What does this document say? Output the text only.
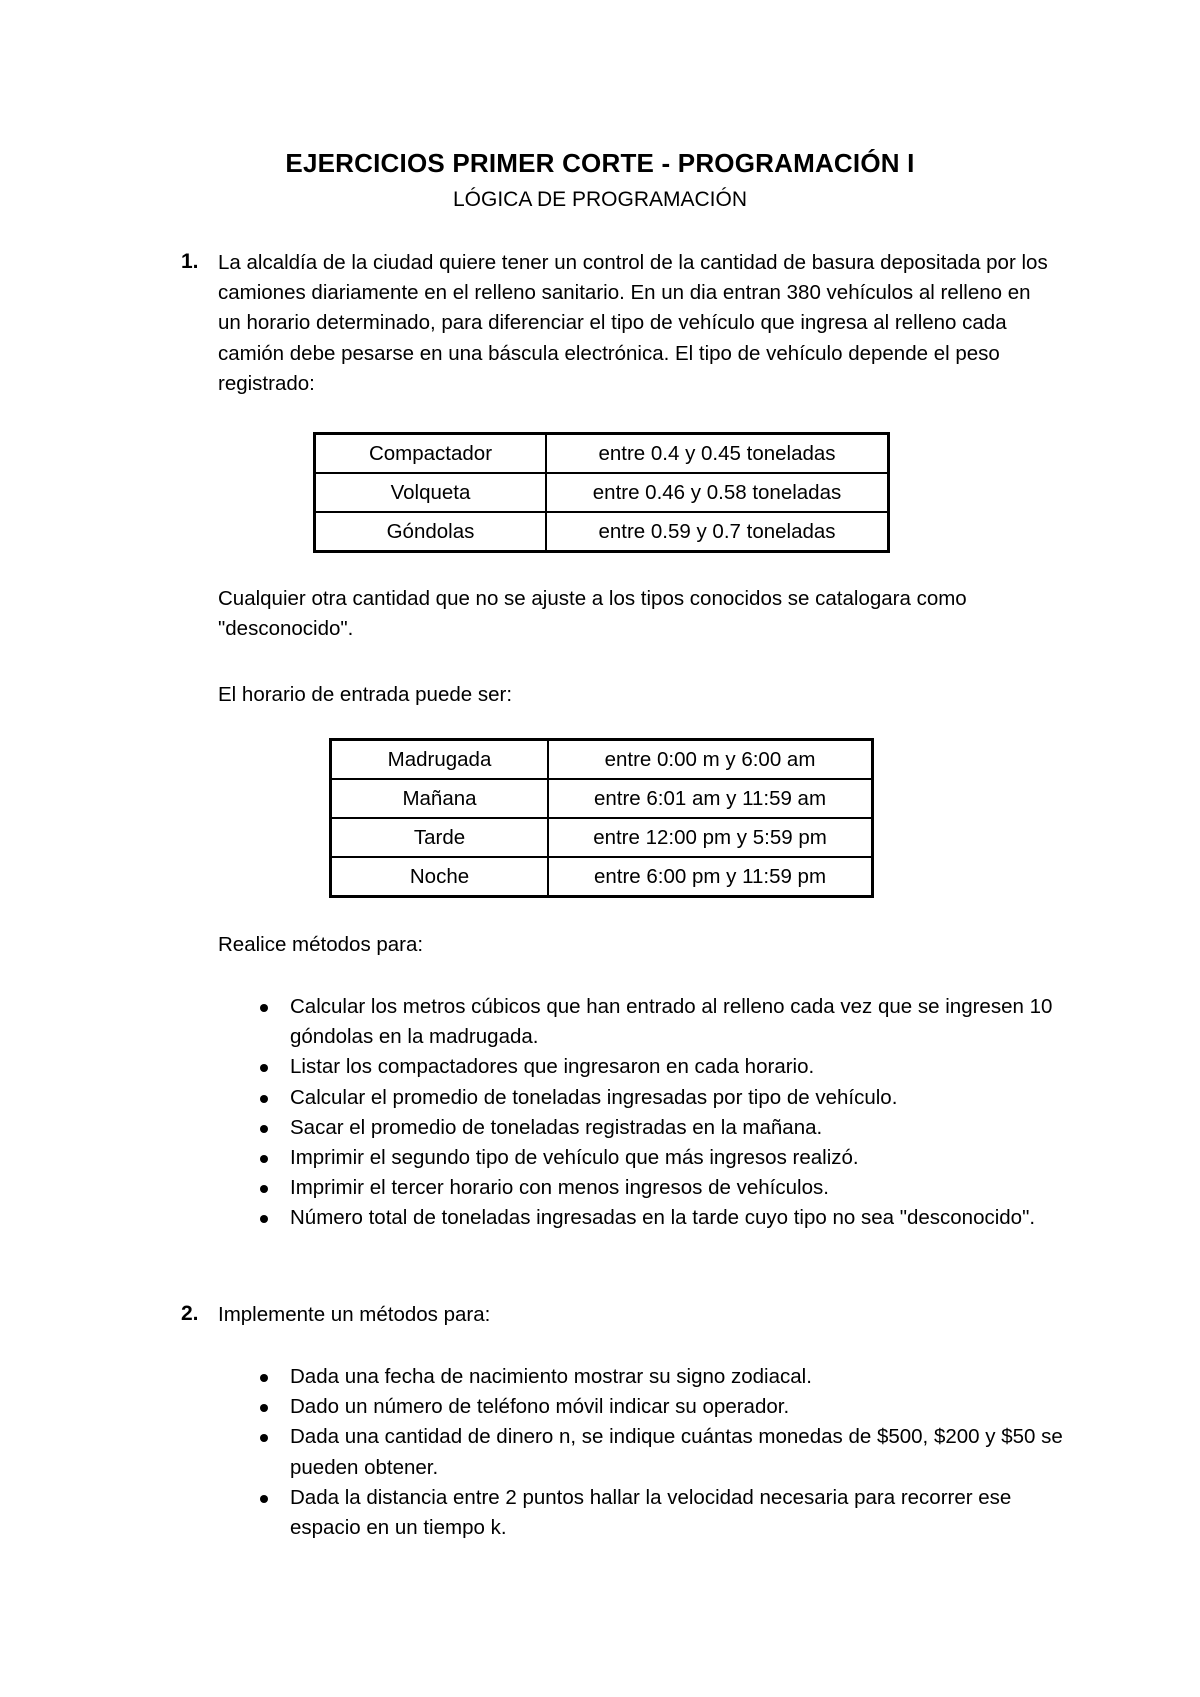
EJERCICIOS PRIMER CORTE - PROGRAMACIÓN I
LÓGICA DE PROGRAMACIÓN
1. La alcaldía de la ciudad quiere tener un control de la cantidad de basura depositada por los camiones diariamente en el relleno sanitario. En un dia entran 380 vehículos al relleno en un horario determinado, para diferenciar el tipo de vehículo que ingresa al relleno cada camión debe pesarse en una báscula electrónica. El tipo de vehículo depende el peso registrado:
Compactador	entre 0.4 y 0.45 toneladas
Volqueta	entre 0.46 y 0.58 toneladas
Góndolas	entre 0.59 y 0.7 toneladas
Cualquier otra cantidad que no se ajuste a los tipos conocidos se catalogara como "desconocido".
El horario de entrada puede ser:
Madrugada	entre 0:00 m y 6:00 am
Mañana	entre 6:01 am y 11:59 am
Tarde	entre 12:00 pm y 5:59 pm
Noche	entre 6:00 pm y 11:59 pm
Realice métodos para:
Calcular los metros cúbicos que han entrado al relleno cada vez que se ingresen 10 góndolas en la madrugada.
Listar los compactadores que ingresaron en cada horario.
Calcular el promedio de toneladas ingresadas por tipo de vehículo.
Sacar el promedio de toneladas registradas en la mañana.
Imprimir el segundo tipo de vehículo que más ingresos realizó.
Imprimir el tercer horario con menos ingresos de vehículos.
Número total de toneladas ingresadas en la tarde cuyo tipo no sea "desconocido".
2. Implemente un métodos para:
Dada una fecha de nacimiento mostrar su signo zodiacal.
Dado un número de teléfono móvil indicar su operador.
Dada una cantidad de dinero n, se indique cuántas monedas de $500, $200 y $50 se pueden obtener.
Dada la distancia entre 2 puntos hallar la velocidad necesaria para recorrer ese espacio en un tiempo k.
